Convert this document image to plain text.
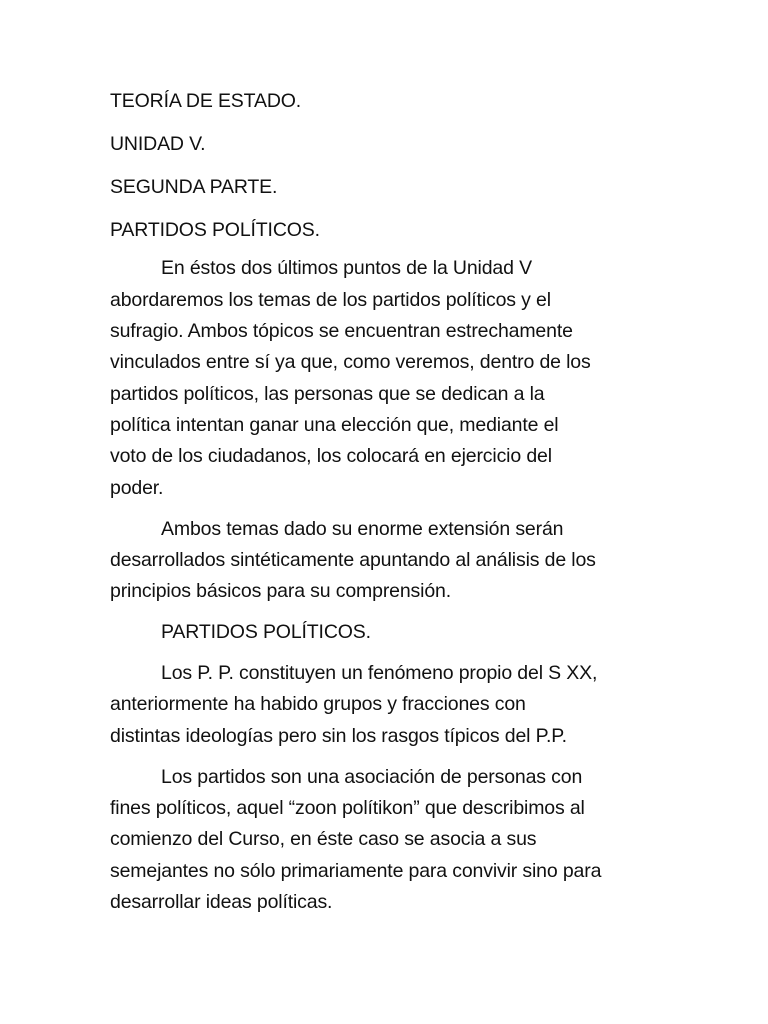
TEORÍA DE ESTADO.
UNIDAD V.
SEGUNDA PARTE.
PARTIDOS POLÍTICOS.
En éstos dos últimos puntos de la Unidad V
abordaremos los temas de los partidos políticos y el
sufragio. Ambos tópicos se encuentran estrechamente
vinculados entre sí ya que, como veremos, dentro de los
partidos políticos, las personas que se dedican a la
política intentan ganar una elección que, mediante el
voto de los ciudadanos, los colocará en ejercicio del
poder.
Ambos temas dado su enorme extensión serán
desarrollados sintéticamente apuntando al análisis de los
principios básicos para su comprensión.
PARTIDOS POLÍTICOS.
Los P. P. constituyen un fenómeno propio del S XX,
anteriormente ha habido grupos y fracciones con
distintas ideologías pero sin los rasgos típicos del P.P.
Los partidos son una asociación de personas con
fines políticos, aquel “zoon polítikon” que describimos al
comienzo del Curso, en éste caso se asocia a sus
semejantes no sólo primariamente para convivir sino para
desarrollar ideas políticas.
